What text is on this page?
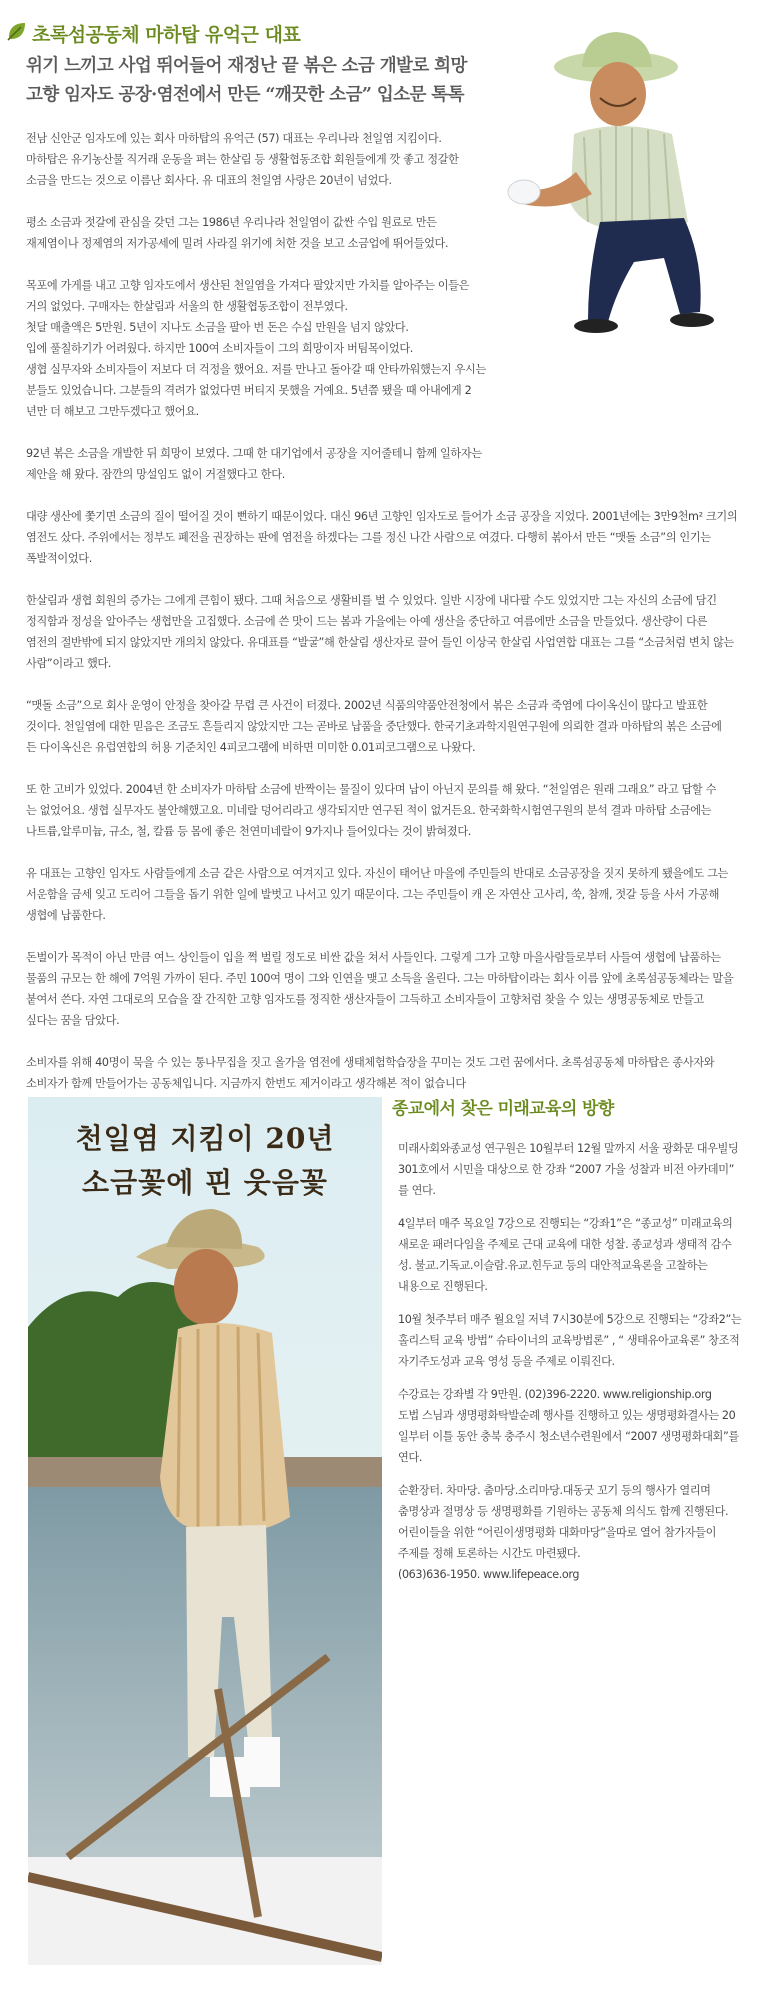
초록섬공동체 마하탑 유억근 대표
위기 느끼고 사업 뛰어들어 재정난 끝 볶은 소금 개발로 희망
고향 임자도 공장·염전에서 만든 “깨끗한 소금” 입소문 톡톡

전남 신안군 임자도에 있는 회사 마하탑의 유억근 (57) 대표는 우리나라 천일염 지킴이다.
마하탑은 유기농산물 직거래 운동을 펴는 한살림 등 생활협동조합 회원들에게 깟 좋고 정갈한
소금을 만드는 것으로 이름난 회사다. 유 대표의 천일염 사랑은 20년이 넘었다.

평소 소금과 젓갈에 관심을 갖던 그는 1986년 우리나라 천일염이 값싼 수입 원료로 만든
재제염이나 정제염의 저가공세에 밀려 사라질 위기에 처한 것을 보고 소금업에 뛰어들었다.

목포에 가게를 내고 고향 임자도에서 생산된 천일염을 가져다 팔았지만 가치를 알아주는 이들은
거의 없었다. 구매자는 한살림과 서울의 한 생활협동조합이 전부였다.
첫달 매출액은 5만원. 5년이 지나도 소금을 팔아 번 돈은 수십 만원을 넘지 않았다.
입에 풀칠하기가 어려웠다. 하지만 100여 소비자들이 그의 희망이자 버팀목이었다.
생협 실무자와 소비자들이 저보다 더 걱정을 했어요. 저를 만나고 돌아갈 때 안타까워했는지 우시는
분들도 있었습니다. 그분들의 격려가 없었다면 버티지 못했을 거예요. 5년쯤 됐을 때 아내에게 2
년만 더 해보고 그만두겠다고 했어요.

92년 볶은 소금을 개발한 뒤 희망이 보였다. 그때 한 대기업에서 공장을 지어줄테니 함께 일하자는
제안을 해 왔다. 잠깐의 망설임도 없이 거절했다고 한다.

대량 생산에 쫓기면 소금의 질이 떨어질 것이 뻔하기 때문이었다. 대신 96년 고향인 임자도로 들어가 소금 공장을 지었다. 2001년에는 3만9천m² 크기의
염전도 샀다. 주위에서는 정부도 폐전을 권장하는 판에 염전을 하겠다는 그를 정신 나간 사람으로 여겼다. 다행히 볶아서 만든 “맷돌 소금”의 인기는
폭발적이었다.

한살림과 생협 회원의 증가는 그에게 큰힘이 됐다. 그때 처음으로 생활비를 벌 수 있었다. 일반 시장에 내다팔 수도 있었지만 그는 자신의 소금에 담긴
정직함과 정성을 알아주는 생협만을 고집했다. 소금에 쓴 맛이 드는 봄과 가을에는 아예 생산을 중단하고 여름에만 소금을 만들었다. 생산량이 다른
염전의 절반밖에 되지 않았지만 개의치 않았다. 유대표를 “발굴”해 한살림 생산자로 끌어 들인 이상국 한살림 사업연합 대표는 그를 “소금처럼 변치 않는
사람”이라고 했다.

“맷돌 소금”으로 회사 운영이 안정을 찾아갈 무렵 큰 사건이 터졌다. 2002년 식품의약품안전청에서 볶은 소금과 죽염에 다이옥신이 많다고 발표한
것이다. 천일염에 대한 믿음은 조금도 흔들리지 않았지만 그는 곧바로 납품을 중단했다. 한국기초과학지원연구원에 의뢰한 결과 마하탑의 볶은 소금에
든 다이옥신은 유럽연합의 허용 기준치인 4피코그램에 비하면 미미한 0.01피코그램으로 나왔다.

또 한 고비가 있었다. 2004년 한 소비자가 마하탑 소금에 반짝이는 물질이 있다며 납이 아닌지 문의를 해 왔다. “천일염은 원래 그래요” 라고 답할 수
는 없었어요. 생협 실무자도 불안해했고요. 미네랄 덩어리라고 생각되지만 연구된 적이 없거든요. 한국화학시험연구원의 분석 결과 마하탑 소금에는
나트륨,알루미늄, 규소, 철, 칼륨 등 몸에 좋은 천연미네랄이 9가지나 들어있다는 것이 밝혀졌다.

유 대표는 고향인 임자도 사람들에게 소금 같은 사람으로 여겨지고 있다. 자신이 태어난 마을에 주민들의 반대로 소금공장을 짓지 못하게 됐을에도 그는
서운함을 금세 잊고 도리어 그들을 돕기 위한 일에 발벗고 나서고 있기 때문이다. 그는 주민들이 캐 온 자연산 고사리, 쑥, 참깨, 젓갈 등을 사서 가공해
생협에 납품한다.

돈벌이가 목적이 아닌 만큼 여느 상인들이 입을 쩍 벌릴 정도로 비싼 값을 쳐서 사들인다. 그렇게 그가 고향 마을사람들로부터 사들여 생협에 납품하는
물품의 규모는 한 해에 7억원 가까이 된다. 주민 100여 명이 그와 인연을 맺고 소득을 올린다. 그는 마하탑이라는 회사 이름 앞에 초록섬공동체라는 말을
붙여서 쓴다. 자연 그대로의 모습을 잘 간직한 고향 임자도를 정직한 생산자들이 그득하고 소비자들이 고향처럼 찾을 수 있는 생명공동체로 만들고
싶다는 꿈을 담았다.

소비자를 위해 40명이 묵을 수 있는 통나무집을 짓고 올가을 염전에 생태체험학습장을 꾸미는 것도 그런 꿈에서다. 초록섬공동체 마하탑은 종사자와
소비자가 함께 만들어가는 공동체입니다. 지금까지 한번도 제거이라고 생각해본 적이 없습니다

천일염 지킴이 20년
소금꽃에 핀 웃음꽃
종교에서 찾은 미래교육의 방향

미래사회와종교성 연구원은 10월부터 12월 말까지 서울 광화문 대우빌딩
301호에서 시민을 대상으로 한 강좌 “2007 가을 성찰과 비전 아카데미”
를 연다.

4일부터 매주 목요일 7강으로 진행되는 “강좌1”은 “종교성” 미래교육의
새로운 패러다임을 주제로 근대 교육에 대한 성찰. 종교성과 생태적 감수
성. 불교.기독교.이슬람.유교.힌두교 등의 대안적교육론을 고찰하는
내용으로 진행된다.

10월 첫주부터 매주 월요일 저녁 7시30분에 5강으로 진행되는 “강좌2”는
홀리스틱 교육 방법” 슈타이너의 교육방법론” , “ 생태유아교육론” 창조적
자기주도성과 교육 영성 등을 주제로 이뤄진다.

수강료는 강좌별 각 9만원. (02)396-2220. www.religionship.org
도법 스님과 생명평화탁발순례 행사를 진행하고 있는 생명평화결사는 20
일부터 이틀 동안 충북 충주시 청소년수련원에서 “2007 생명평화대회”를
연다.

순환장터. 차마당. 춤마당.소리마당.대동굿 꼬기 등의 행사가 열리며
춤명상과 절명상 등 생명평화를 기원하는 공동체 의식도 함께 진행된다.
어린이들을 위한 “어린이생명평화 대화마당”을따로 열어 참가자들이
주제를 정해 토론하는 시간도 마련됐다.
(063)636-1950. www.lifepeace.org
